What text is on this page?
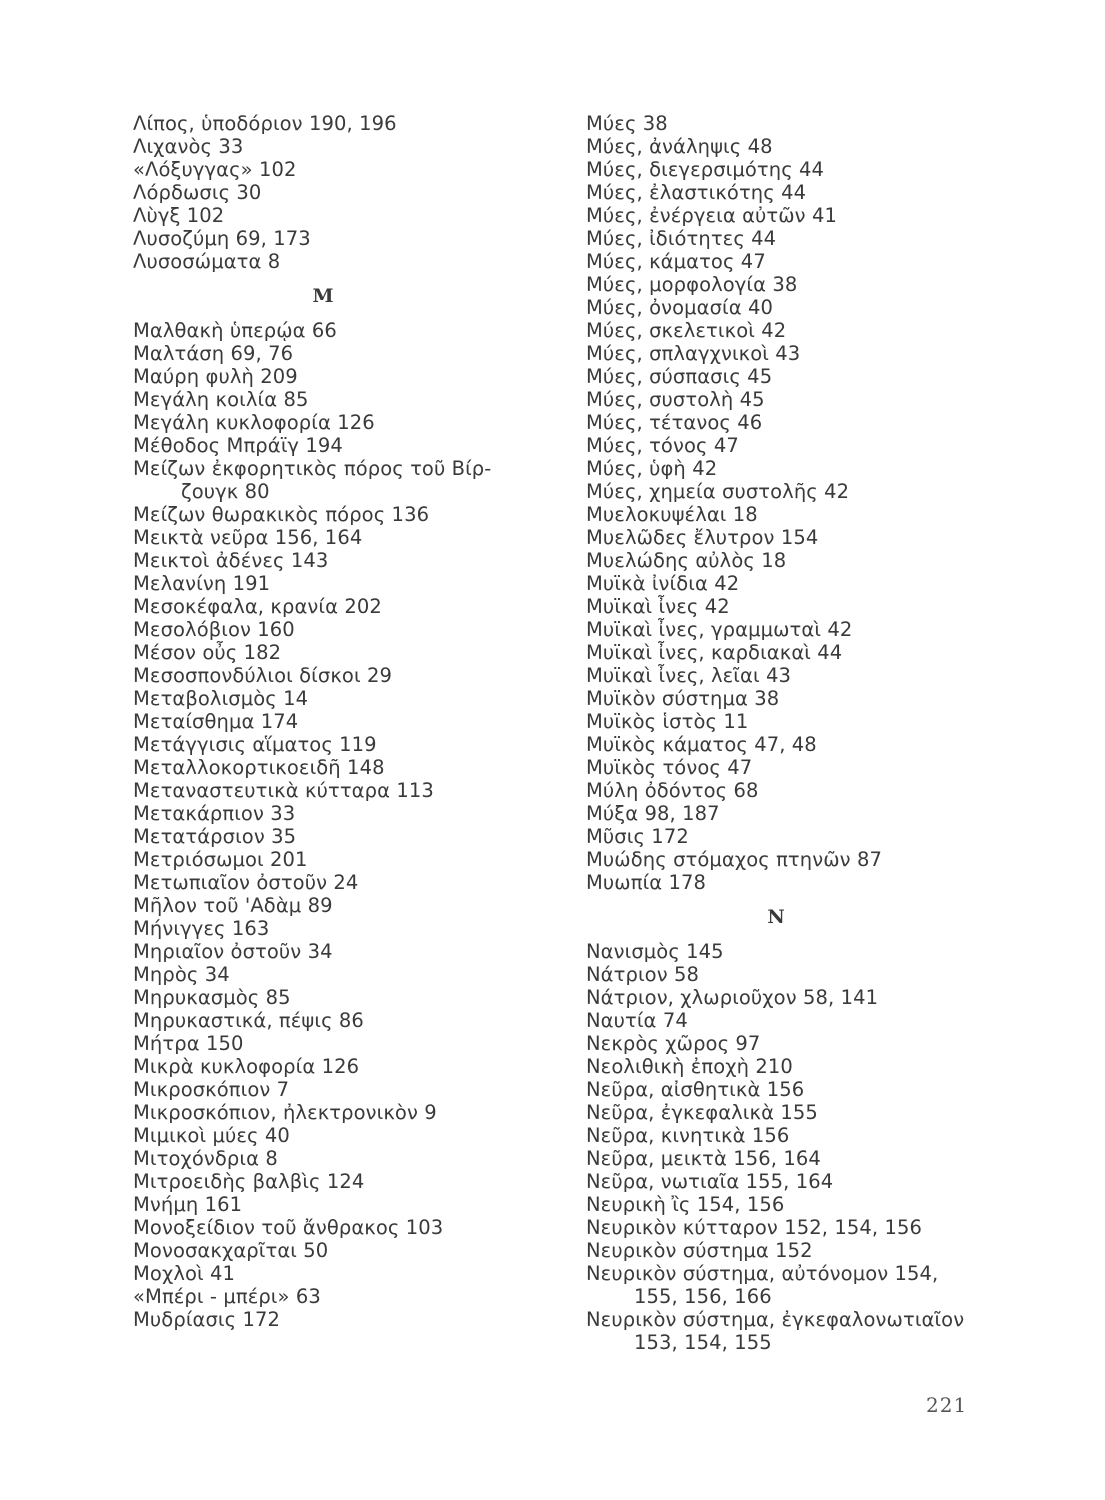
Λίπος, ὑποδόριον 190, 196
Λιχανὸς 33
«Λόξυγγας» 102
Λόρδωσις 30
Λὺγξ 102
Λυσοζύμη 69, 173
Λυσοσώματα 8
Μ
Μαλθακὴ ὑπερῴα 66
Μαλτάση 69, 76
Μαύρη φυλὴ 209
Μεγάλη κοιλία 85
Μεγάλη κυκλοφορία 126
Μέθοδος Μπράϊγ 194
Μείζων ἐκφορητικὸς πόρος τοῦ Βίρ-
ζουγκ 80
Μείζων θωρακικὸς πόρος 136
Μεικτὰ νεῦρα 156, 164
Μεικτοὶ ἀδένες 143
Μελανίνη 191
Μεσοκέφαλα, κρανία 202
Μεσολόβιον 160
Μέσον οὖς 182
Μεσοσπονδύλιοι δίσκοι 29
Μεταβολισμὸς 14
Μεταίσθημα 174
Μετάγγισις αἵματος 119
Μεταλλοκορτικοειδῆ 148
Μεταναστευτικὰ κύτταρα 113
Μετακάρπιον 33
Μετατάρσιον 35
Μετριόσωμοι 201
Μετωπιαῖον ὀστοῦν 24
Μῆλον τοῦ 'Αδὰμ 89
Μήνιγγες 163
Μηριαῖον ὀστοῦν 34
Μηρὸς 34
Μηρυκασμὸς 85
Μηρυκαστικά, πέψις 86
Μήτρα 150
Μικρὰ κυκλοφορία 126
Μικροσκόπιον 7
Μικροσκόπιον, ἠλεκτρονικὸν 9
Μιμικοὶ μύες 40
Μιτοχόνδρια 8
Μιτροειδὴς βαλβὶς 124
Μνήμη 161
Μονοξείδιον τοῦ ἄνθρακος 103
Μονοσακχαρῖται 50
Μοχλοὶ 41
«Μπέρι - μπέρι» 63
Μυδρίασις 172
Μύες 38
Μύες, ἀνάληψις 48
Μύες, διεγερσιμότης 44
Μύες, ἐλαστικότης 44
Μύες, ἐνέργεια αὐτῶν 41
Μύες, ἰδιότητες 44
Μύες, κάματος 47
Μύες, μορφολογία 38
Μύες, ὀνομασία 40
Μύες, σκελετικοὶ 42
Μύες, σπλαγχνικοὶ 43
Μύες, σύσπασις 45
Μύες, συστολὴ 45
Μύες, τέτανος 46
Μύες, τόνος 47
Μύες, ὑφὴ 42
Μύες, χημεία συστολῆς 42
Μυελοκυψέλαι 18
Μυελῶδες ἔλυτρον 154
Μυελώδης αὐλὸς 18
Μυϊκὰ ἰνίδια 42
Μυϊκαὶ ἶνες 42
Μυϊκαὶ ἶνες, γραμμωταὶ 42
Μυϊκαὶ ἶνες, καρδιακαὶ 44
Μυϊκαὶ ἶνες, λεῖαι 43
Μυϊκὸν σύστημα 38
Μυϊκὸς ἱστὸς 11
Μυϊκὸς κάματος 47, 48
Μυϊκὸς τόνος 47
Μύλη ὀδόντος 68
Μύξα 98, 187
Μῦσις 172
Μυώδης στόμαχος πτηνῶν 87
Μυωπία 178
Ν
Νανισμὸς 145
Νάτριον 58
Νάτριον, χλωριοῦχον 58, 141
Ναυτία 74
Νεκρὸς χῶρος 97
Νεολιθικὴ ἐποχὴ 210
Νεῦρα, αἰσθητικὰ 156
Νεῦρα, ἐγκεφαλικὰ 155
Νεῦρα, κινητικὰ 156
Νεῦρα, μεικτὰ 156, 164
Νεῦρα, νωτιαῖα 155, 164
Νευρικὴ ἲς 154, 156
Νευρικὸν κύτταρον 152, 154, 156
Νευρικὸν σύστημα 152
Νευρικὸν σύστημα, αὐτόνομον 154,
155, 156, 166
Νευρικὸν σύστημα, ἐγκεφαλονωτιαῖον
153, 154, 155
221
